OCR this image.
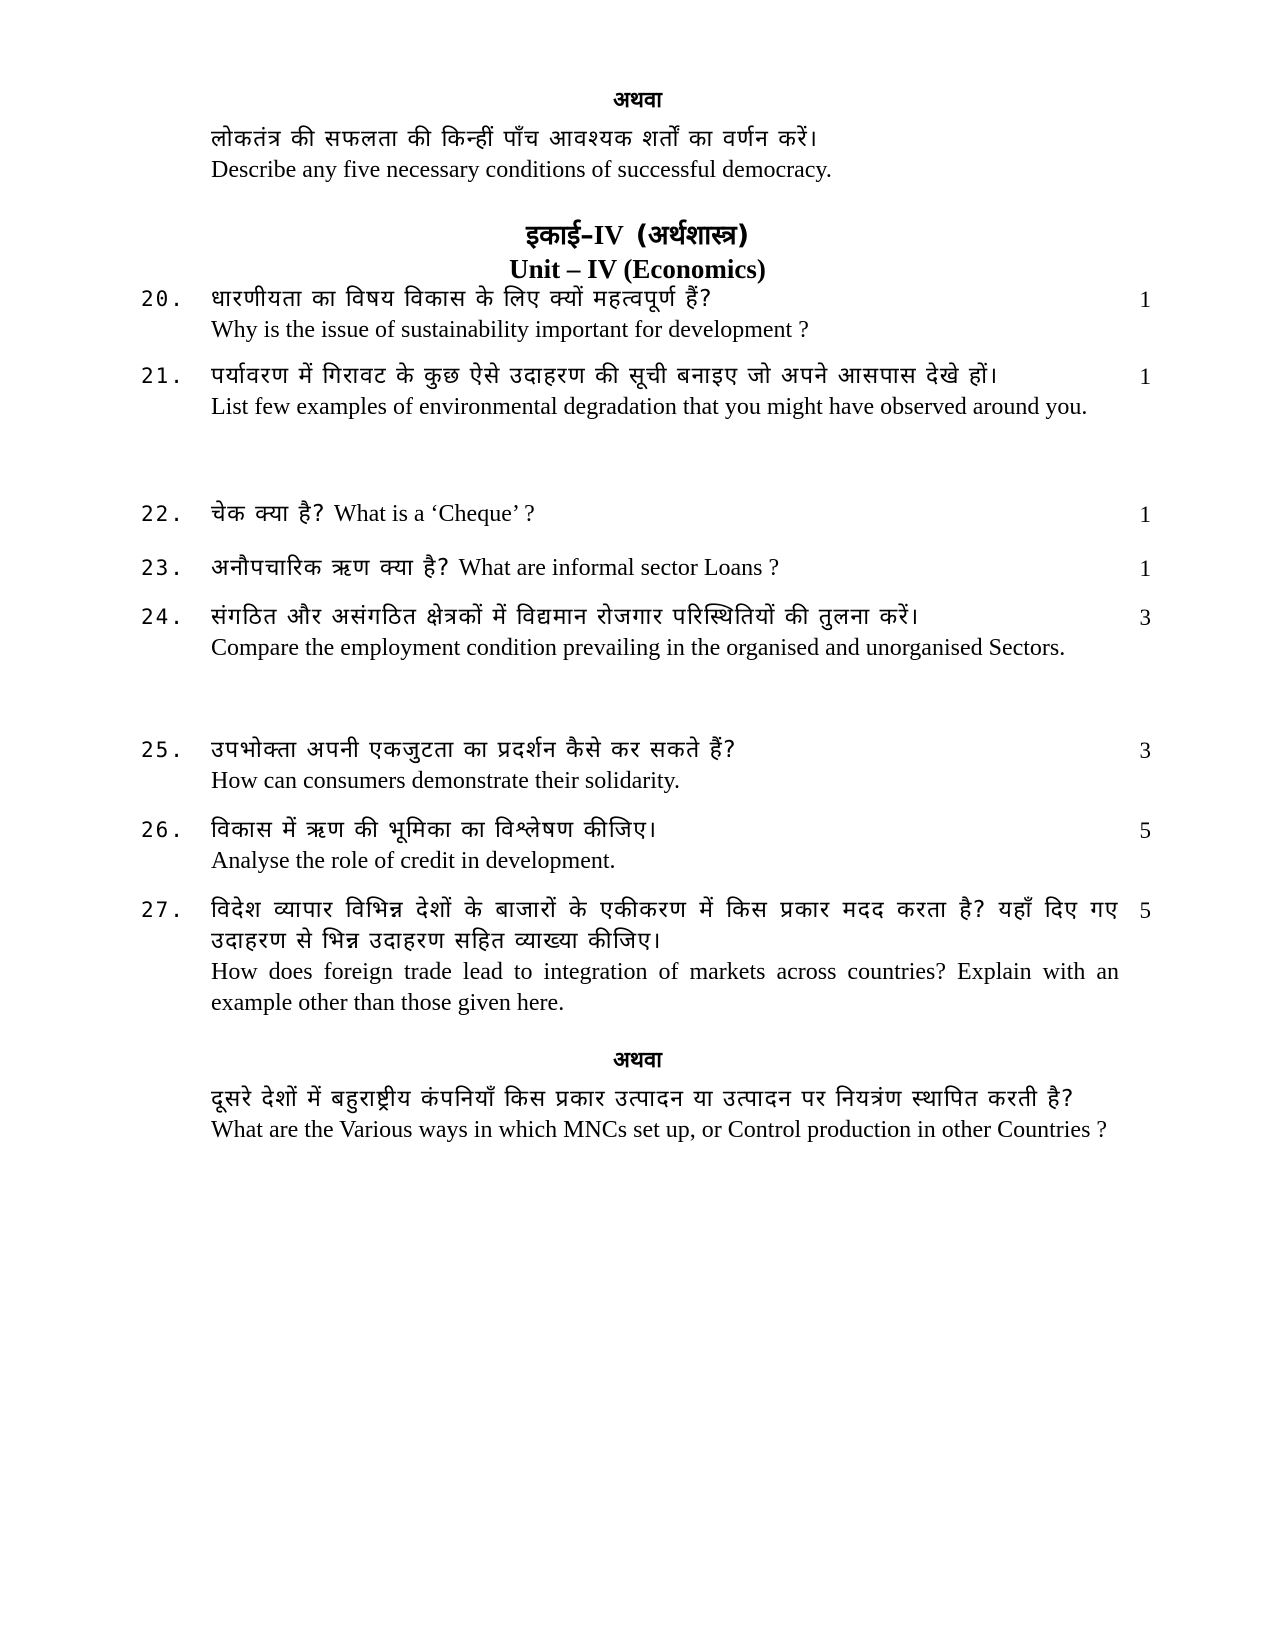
अथवा
लोकतंत्र की सफलता की किन्हीं पाँच आवश्यक शर्तों का वर्णन करें।
Describe any five necessary conditions of successful democracy.
इकाई–IV (अर्थशास्त्र)
Unit – IV (Economics)
20.	धारणीयता का विषय विकास के लिए क्यों महत्वपूर्ण हैं?
Why is the issue of sustainability important for development ?
1
21.	पर्यावरण में गिरावट के कुछ ऐसे उदाहरण की सूची बनाइए जो अपने आसपास देखे हों।
List few examples of environmental degradation that you might have observed around you.
1
22.	चेक क्या है? What is a ‘Cheque’ ?	1
23.	अनौपचारिक ऋण क्या है? What are informal sector Loans ?	1
24.	संगठित और असंगठित क्षेत्रकों में विद्यमान रोजगार परिस्थितियों की तुलना करें।
Compare the employment condition prevailing in the organised and unorganised Sectors.
3
25.	उपभोक्ता अपनी एकजुटता का प्रदर्शन कैसे कर सकते हैं?
How can consumers demonstrate their solidarity.
3
26.	विकास में ऋण की भूमिका का विश्लेषण कीजिए।
Analyse the role of credit in development.
5
27.	विदेश व्यापार विभिन्न देशों के बाजारों के एकीकरण में किस प्रकार मदद करता है? यहाँ दिए गए उदाहरण से भिन्न उदाहरण सहित व्याख्या कीजिए।
How does foreign trade lead to integration of markets across countries? Explain with an example other than those given here.
5
अथवा
दूसरे देशों में बहुराष्ट्रीय कंपनियाँ किस प्रकार उत्पादन या उत्पादन पर नियत्रंण स्थापित करती है?
What are the Various ways in which MNCs set up, or Control production in other Countries ?
